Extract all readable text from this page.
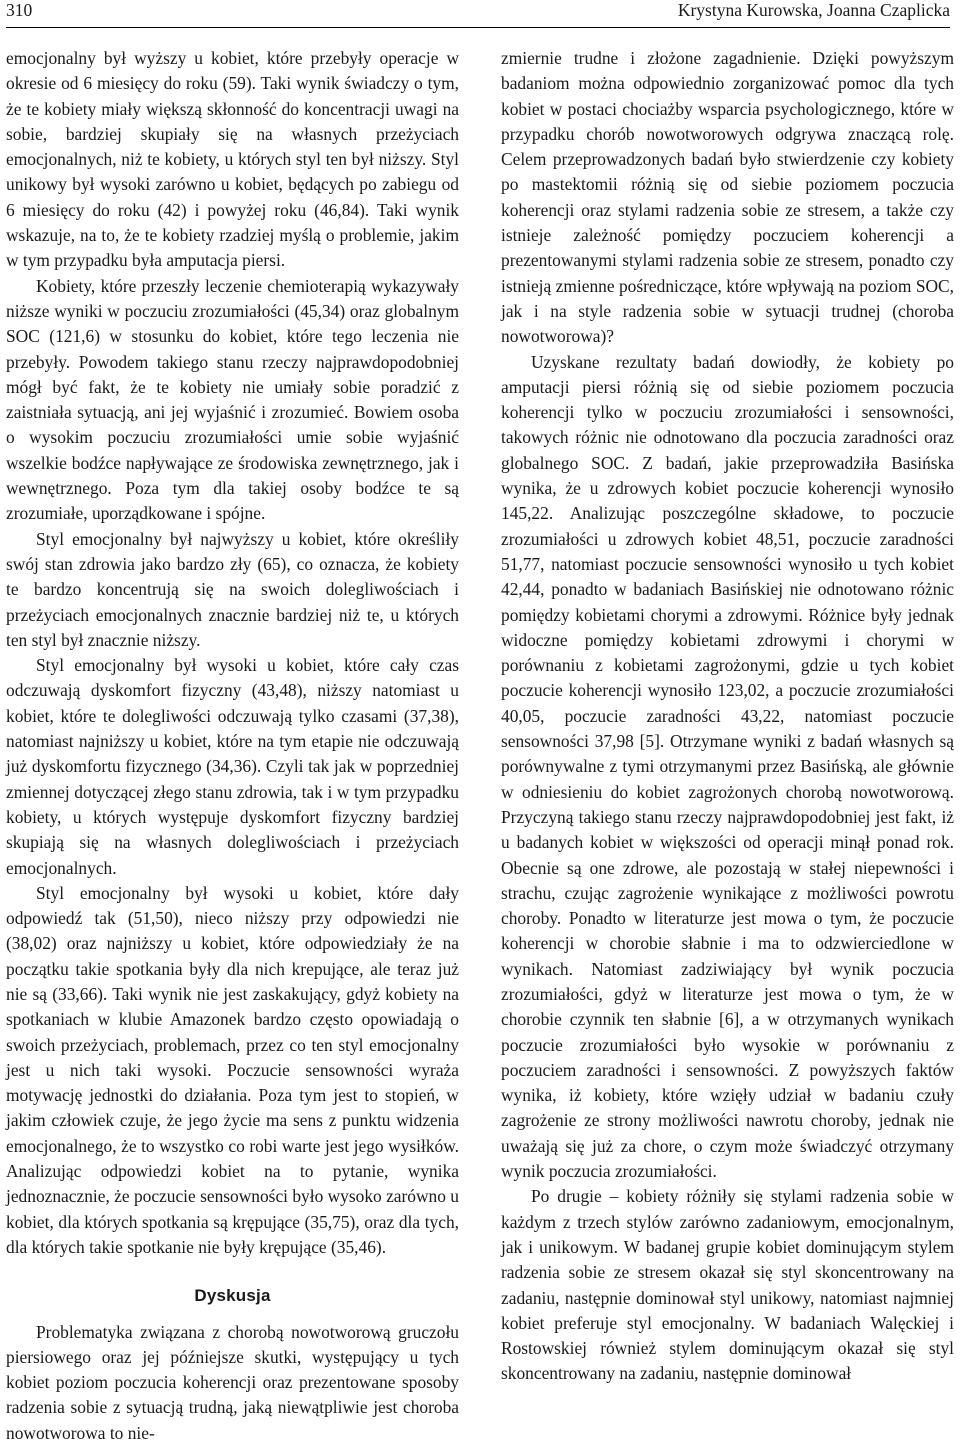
310	Krystyna Kurowska, Joanna Czaplicka

emocjonalny był wyższy u kobiet, które przebyły operacje w okresie od 6 miesięcy do roku (59). Taki wynik świadczy o tym, że te kobiety miały większą skłonność do koncentracji uwagi na sobie, bardziej skupiały się na własnych przeżyciach emocjonalnych, niż te kobiety, u których styl ten był niższy. Styl unikowy był wysoki zarówno u kobiet, będących po zabiegu od 6 miesięcy do roku (42) i powyżej roku (46,84). Taki wynik wskazuje, na to, że te kobiety rzadziej myślą o problemie, jakim w tym przypadku była amputacja piersi.

Kobiety, które przeszły leczenie chemioterapią wykazywały niższe wyniki w poczuciu zrozumiałości (45,34) oraz globalnym SOC (121,6) w stosunku do kobiet, które tego leczenia nie przebyły. Powodem takiego stanu rzeczy najprawdopodobniej mógł być fakt, że te kobiety nie umiały sobie poradzić z zaistniała sytuacją, ani jej wyjaśnić i zrozumieć. Bowiem osoba o wysokim poczuciu zrozumiałości umie sobie wyjaśnić wszelkie bodźce napływające ze środowiska zewnętrznego, jak i wewnętrznego. Poza tym dla takiej osoby bodźce te są zrozumiałe, uporządkowane i spójne.

Styl emocjonalny był najwyższy u kobiet, które określiły swój stan zdrowia jako bardzo zły (65), co oznacza, że kobiety te bardzo koncentrują się na swoich dolegliwościach i przeżyciach emocjonalnych znacznie bardziej niż te, u których ten styl był znacznie niższy.

Styl emocjonalny był wysoki u kobiet, które cały czas odczuwają dyskomfort fizyczny (43,48), niższy natomiast u kobiet, które te dolegliwości odczuwają tylko czasami (37,38), natomiast najniższy u kobiet, które na tym etapie nie odczuwają już dyskomfortu fizycznego (34,36). Czyli tak jak w poprzedniej zmiennej dotyczącej złego stanu zdrowia, tak i w tym przypadku kobiety, u których występuje dyskomfort fizyczny bardziej skupiają się na własnych dolegliwościach i przeżyciach emocjonalnych.

Styl emocjonalny był wysoki u kobiet, które dały odpowiedź tak (51,50), nieco niższy przy odpowiedzi nie (38,02) oraz najniższy u kobiet, które odpowiedziały że na początku takie spotkania były dla nich krepujące, ale teraz już nie są (33,66). Taki wynik nie jest zaskakujący, gdyż kobiety na spotkaniach w klubie Amazonek bardzo często opowiadają o swoich przeżyciach, problemach, przez co ten styl emocjonalny jest u nich taki wysoki. Poczucie sensowności wyraża motywację jednostki do działania. Poza tym jest to stopień, w jakim człowiek czuje, że jego życie ma sens z punktu widzenia emocjonalnego, że to wszystko co robi warte jest jego wysiłków. Analizując odpowiedzi kobiet na to pytanie, wynika jednoznacznie, że poczucie sensowności było wysoko zarówno u kobiet, dla których spotkania są krępujące (35,75), oraz dla tych, dla których takie spotkanie nie były krępujące (35,46).

Dyskusja

Problematyka związana z chorobą nowotworową gruczołu piersiowego oraz jej późniejsze skutki, występujący u tych kobiet poziom poczucia koherencji oraz prezentowane sposoby radzenia sobie z sytuacją trudną, jaką niewątpliwie jest choroba nowotworowa to nie-

zmiernie trudne i złożone zagadnienie. Dzięki powyższym badaniom można odpowiednio zorganizować pomoc dla tych kobiet w postaci chociażby wsparcia psychologicznego, które w przypadku chorób nowotworowych odgrywa znaczącą rolę. Celem przeprowadzonych badań było stwierdzenie czy kobiety po mastektomii różnią się od siebie poziomem poczucia koherencji oraz stylami radzenia sobie ze stresem, a także czy istnieje zależność pomiędzy poczuciem koherencji a prezentowanymi stylami radzenia sobie ze stresem, ponadto czy istnieją zmienne pośredniczące, które wpływają na poziom SOC, jak i na style radzenia sobie w sytuacji trudnej (choroba nowotworowa)?

Uzyskane rezultaty badań dowiodły, że kobiety po amputacji piersi różnią się od siebie poziomem poczucia koherencji tylko w poczuciu zrozumiałości i sensowności, takowych różnic nie odnotowano dla poczucia zaradności oraz globalnego SOC. Z badań, jakie przeprowadziła Basińska wynika, że u zdrowych kobiet poczucie koherencji wynosiło 145,22. Analizując poszczególne składowe, to poczucie zrozumiałości u zdrowych kobiet 48,51, poczucie zaradności 51,77, natomiast poczucie sensowności wynosiło u tych kobiet 42,44, ponadto w badaniach Basińskiej nie odnotowano różnic pomiędzy kobietami chorymi a zdrowymi. Różnice były jednak widoczne pomiędzy kobietami zdrowymi i chorymi w porównaniu z kobietami zagrożonymi, gdzie u tych kobiet poczucie koherencji wynosiło 123,02, a poczucie zrozumiałości 40,05, poczucie zaradności 43,22, natomiast poczucie sensowności 37,98 [5]. Otrzymane wyniki z badań własnych są porównywalne z tymi otrzymanymi przez Basińską, ale głównie w odniesieniu do kobiet zagrożonych chorobą nowotworową. Przyczyną takiego stanu rzeczy najprawdopodobniej jest fakt, iż u badanych kobiet w większości od operacji minął ponad rok. Obecnie są one zdrowe, ale pozostają w stałej niepewności i strachu, czując zagrożenie wynikające z możliwości powrotu choroby. Ponadto w literaturze jest mowa o tym, że poczucie koherencji w chorobie słabnie i ma to odzwierciedlone w wynikach. Natomiast zadziwiający był wynik poczucia zrozumiałości, gdyż w literaturze jest mowa o tym, że w chorobie czynnik ten słabnie [6], a w otrzymanych wynikach poczucie zrozumiałości było wysokie w porównaniu z poczuciem zaradności i sensowności. Z powyższych faktów wynika, iż kobiety, które wzięły udział w badaniu czuły zagrożenie ze strony możliwości nawrotu choroby, jednak nie uważają się już za chore, o czym może świadczyć otrzymany wynik poczucia zrozumiałości.

Po drugie – kobiety różniły się stylami radzenia sobie w każdym z trzech stylów zarówno zadaniowym, emocjonalnym, jak i unikowym. W badanej grupie kobiet dominującym stylem radzenia sobie ze stresem okazał się styl skoncentrowany na zadaniu, następnie dominował styl unikowy, natomiast najmniej kobiet preferuje styl emocjonalny. W badaniach Walęckiej i Rostowskiej również stylem dominującym okazał się styl skoncentrowany na zadaniu, następnie dominował
